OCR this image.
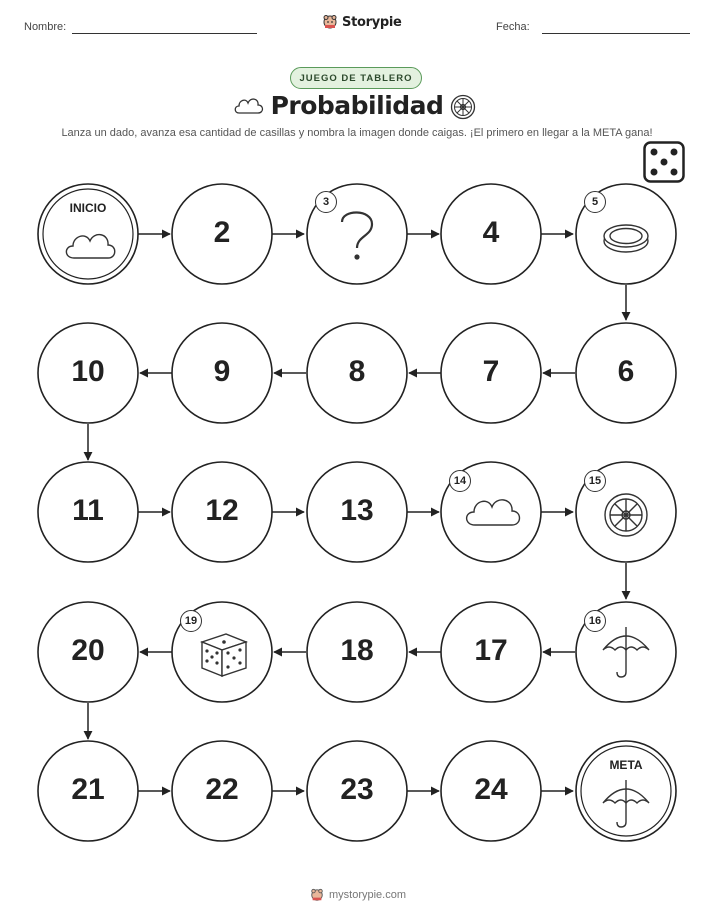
Nombre:	Storypie	Fecha:
JUEGO DE TABLERO
Probabilidad
Lanza un dado, avanza esa cantidad de casillas y nombra la imagen donde caigas. ¡El primero en llegar a la META gana!
INICIO
META
2	4
6
7
8
9
10
11	12	13
17
18
20
21	22	23	24
3	5
14	15
16
19
mystorypie.com
